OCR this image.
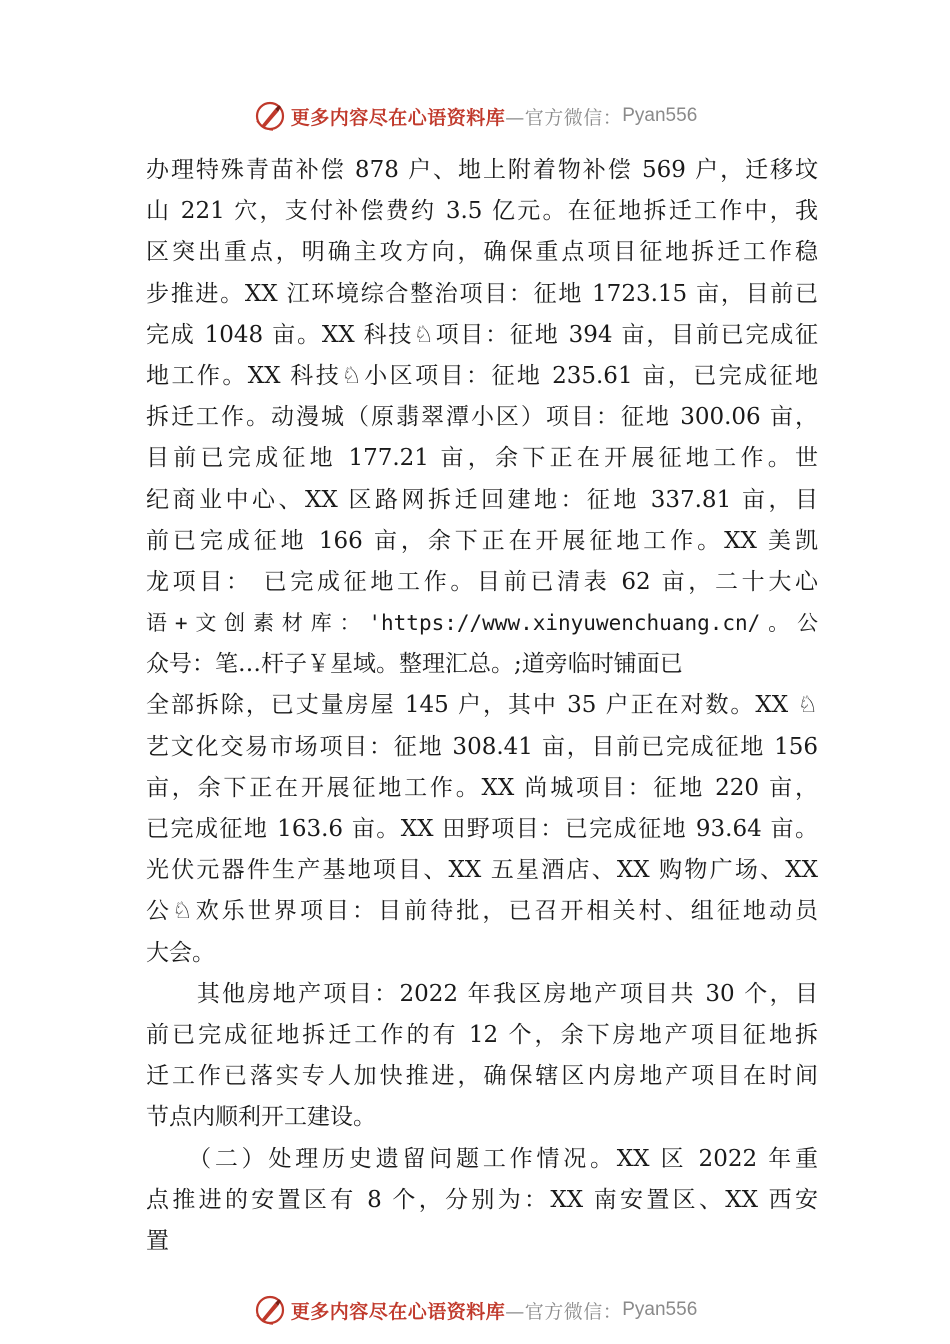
更多内容尽在心语资料库 —官方微信： Pyan556
办理特殊青苗补偿 878 户、地上附着物补偿 569 户，迁移坟
山 221 穴，支付补偿费约 3.5 亿元。在征地拆迁工作中，我
区突出重点，明确主攻方向，确保重点项目征地拆迁工作稳
步推进。XX 江环境综合整治项目：征地 1723.15 亩，目前已
完成 1048 亩。XX 科技♘项目：征地 394 亩，目前已完成征
地工作。XX 科技♘小区项目：征地 235.61 亩，已完成征地
拆迁工作。动漫城（原翡翠潭小区）项目：征地 300.06 亩，
目前已完成征地 177.21 亩，余下正在开展征地工作。世
纪商业中心、XX 区路网拆迁回建地：征地 337.81 亩，目
前已完成征地 166 亩，余下正在开展征地工作。XX 美凯
龙项目： 已完成征地工作。目前已清表 62 亩，二十大心
语+文创素材库：'https://www.xinyuwenchuang.cn/。公
众号：笔…杆子￥星域。整理汇总。;道旁临时铺面已
全部拆除，已丈量房屋 145 户，其中 35 户正在对数。XX ♘
艺文化交易市场项目：征地 308.41 亩，目前已完成征地 156
亩，余下正在开展征地工作。XX 尚城项目：征地 220 亩，
已完成征地 163.6 亩。XX 田野项目：已完成征地 93.64 亩。
光伏元器件生产基地项目、XX 五星酒店、XX 购物广场、XX
公♘欢乐世界项目：目前待批，已召开相关村、组征地动员
大会。
　　其他房地产项目：2022 年我区房地产项目共 30 个，目
前已完成征地拆迁工作的有 12 个，余下房地产项目征地拆
迁工作已落实专人加快推进，确保辖区内房地产项目在时间
节点内顺利开工建设。
　　（二）处理历史遗留问题工作情况。XX 区 2022 年重
点推进的安置区有 8 个，分别为：XX 南安置区、XX 西安
置
更多内容尽在心语资料库 —官方微信： Pyan556
